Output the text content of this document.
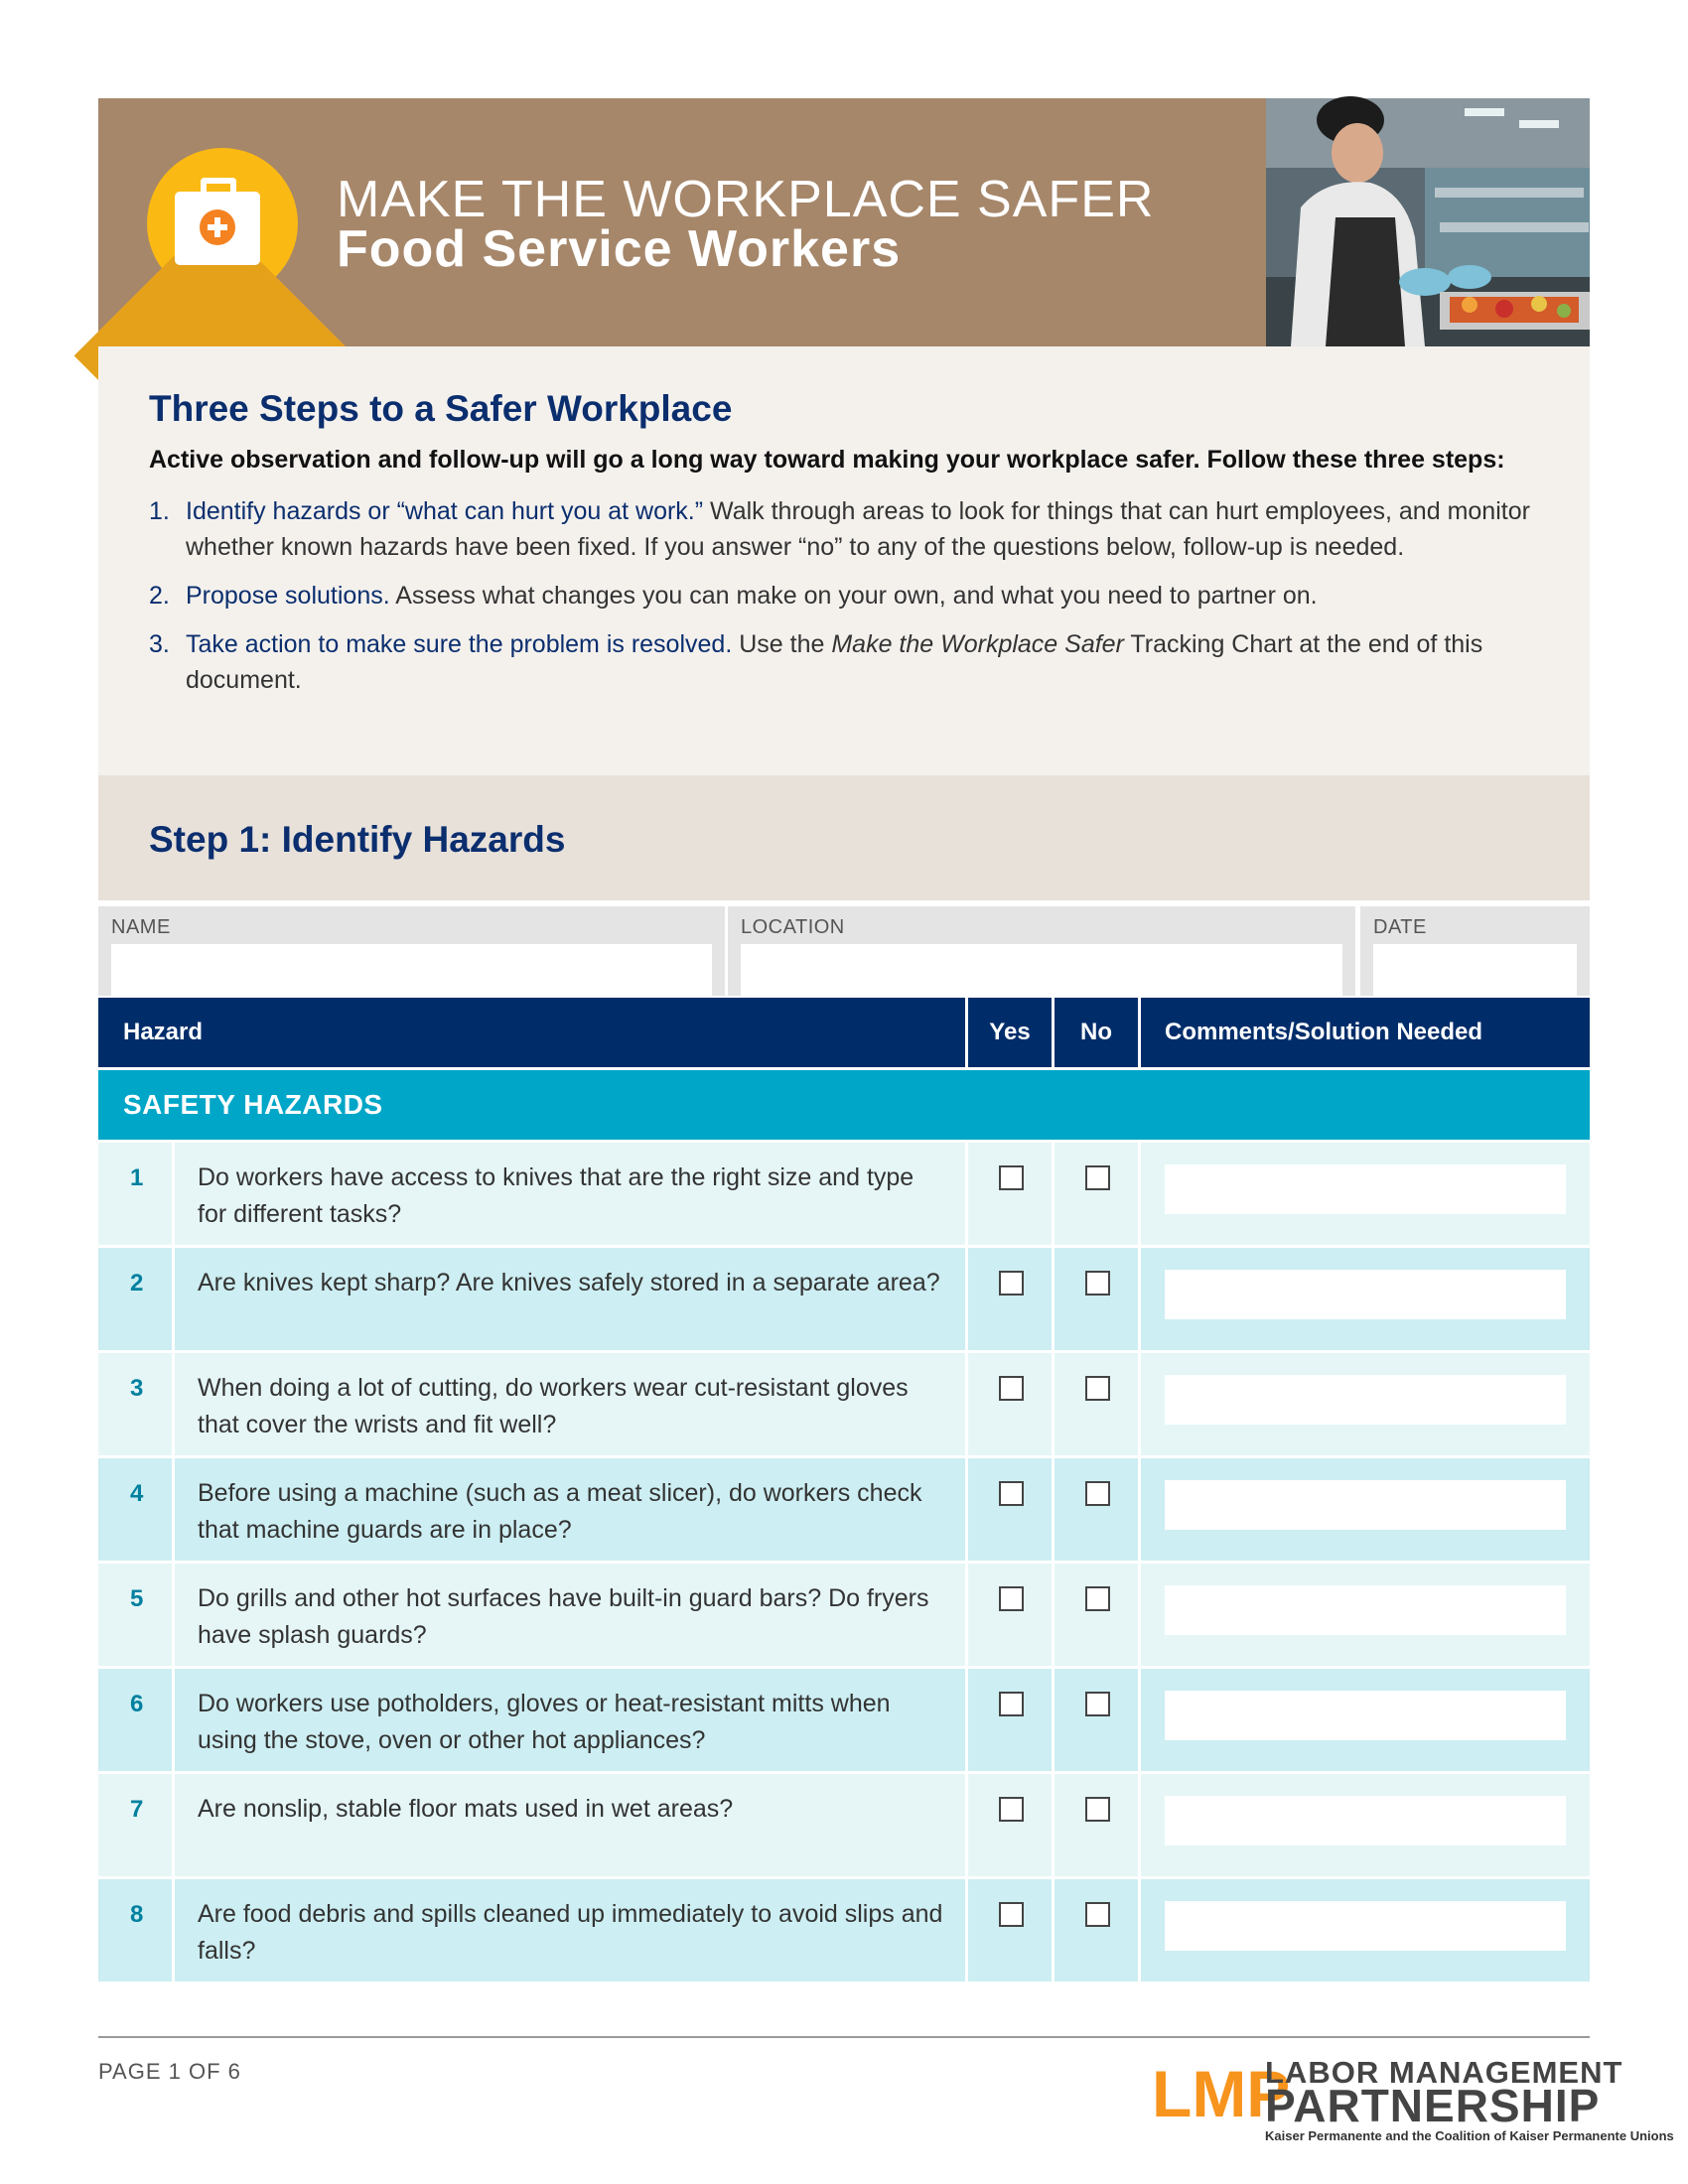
MAKE THE WORKPLACE SAFER
Food Service Workers
Three Steps to a Safer Workplace
Active observation and follow-up will go a long way toward making your workplace safer. Follow these three steps:
1. Identify hazards or “what can hurt you at work.” Walk through areas to look for things that can hurt employees, and monitor whether known hazards have been fixed. If you answer “no” to any of the questions below, follow-up is needed.
2. Propose solutions. Assess what changes you can make on your own, and what you need to partner on.
3. Take action to make sure the problem is resolved. Use the Make the Workplace Safer Tracking Chart at the end of this document.
Step 1: Identify Hazards
NAME	LOCATION	DATE
Hazard	Yes	No	Comments/Solution Needed
SAFETY HAZARDS
1	Do workers have access to knives that are the right size and type for different tasks?
2	Are knives kept sharp? Are knives safely stored in a separate area?
3	When doing a lot of cutting, do workers wear cut-resistant gloves that cover the wrists and fit well?
4	Before using a machine (such as a meat slicer), do workers check that machine guards are in place?
5	Do grills and other hot surfaces have built-in guard bars? Do fryers have splash guards?
6	Do workers use potholders, gloves or heat-resistant mitts when using the stove, oven or other hot appliances?
7	Are nonslip, stable floor mats used in wet areas?
8	Are food debris and spills cleaned up immediately to avoid slips and falls?
PAGE 1 OF 6	LMP
LABOR MANAGEMENT
PARTNERSHIP
Kaiser Permanente and the Coalition of Kaiser Permanente Unions
